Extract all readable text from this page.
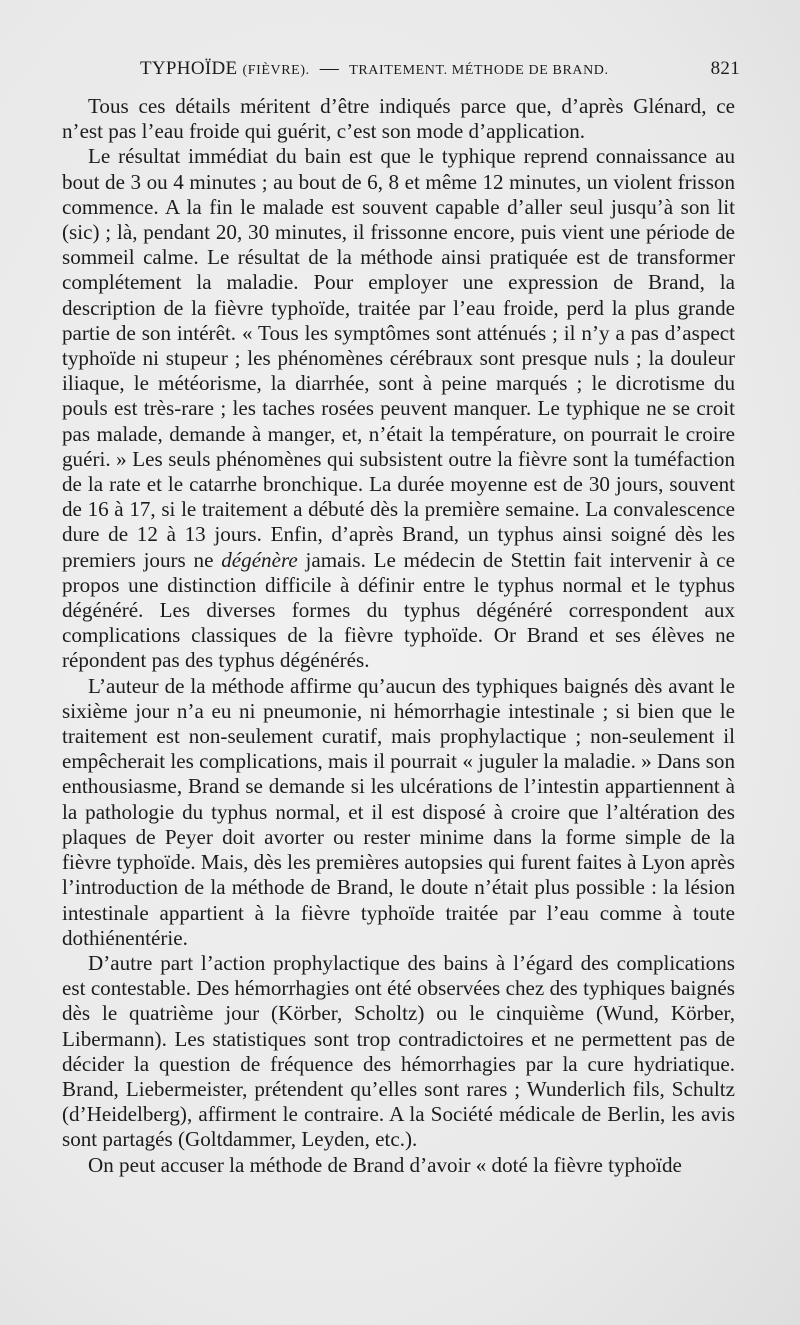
TYPHOÏDE (FIÈVRE). — TRAITEMENT. MÉTHODE DE BRAND.	821

Tous ces détails méritent d’être indiqués parce que, d’après Glénard, ce n’est pas l’eau froide qui guérit, c’est son mode d’application.

Le résultat immédiat du bain est que le typhique reprend connaissance au bout de 3 ou 4 minutes ; au bout de 6, 8 et même 12 minutes, un violent frisson commence. A la fin le malade est souvent capable d’aller seul jusqu’à son lit (sic) ; là, pendant 20, 30 minutes, il frissonne encore, puis vient une période de sommeil calme. Le résultat de la méthode ainsi pratiquée est de transformer complétement la maladie. Pour employer une expression de Brand, la description de la fièvre typhoïde, traitée par l’eau froide, perd la plus grande partie de son intérêt. « Tous les symptômes sont atténués ; il n’y a pas d’aspect typhoïde ni stupeur ; les phénomènes cérébraux sont presque nuls ; la douleur iliaque, le météorisme, la diarrhée, sont à peine marqués ; le dicrotisme du pouls est très-rare ; les taches rosées peuvent manquer. Le typhique ne se croit pas malade, demande à manger, et, n’était la température, on pourrait le croire guéri. » Les seuls phénomènes qui subsistent outre la fièvre sont la tuméfaction de la rate et le catarrhe bronchique. La durée moyenne est de 30 jours, souvent de 16 à 17, si le traitement a débuté dès la première semaine. La convalescence dure de 12 à 13 jours. Enfin, d’après Brand, un typhus ainsi soigné dès les premiers jours ne dégénère jamais. Le médecin de Stettin fait intervenir à ce propos une distinction difficile à définir entre le typhus normal et le typhus dégénéré. Les diverses formes du typhus dégénéré correspondent aux complications classiques de la fièvre typhoïde. Or Brand et ses élèves ne répondent pas des typhus dégénérés.

L’auteur de la méthode affirme qu’aucun des typhiques baignés dès avant le sixième jour n’a eu ni pneumonie, ni hémorrhagie intestinale ; si bien que le traitement est non-seulement curatif, mais prophylactique ; non-seulement il empêcherait les complications, mais il pourrait « juguler la maladie. » Dans son enthousiasme, Brand se demande si les ulcérations de l’intestin appartiennent à la pathologie du typhus normal, et il est disposé à croire que l’altération des plaques de Peyer doit avorter ou rester minime dans la forme simple de la fièvre typhoïde. Mais, dès les premières autopsies qui furent faites à Lyon après l’introduction de la méthode de Brand, le doute n’était plus possible : la lésion intestinale appartient à la fièvre typhoïde traitée par l’eau comme à toute dothiénentérie.

D’autre part l’action prophylactique des bains à l’égard des complications est contestable. Des hémorrhagies ont été observées chez des typhiques baignés dès le quatrième jour (Körber, Scholtz) ou le cinquième (Wund, Körber, Libermann). Les statistiques sont trop contradictoires et ne permettent pas de décider la question de fréquence des hémorrhagies par la cure hydriatique. Brand, Liebermeister, prétendent qu’elles sont rares ; Wunderlich fils, Schultz (d’Heidelberg), affirment le contraire. A la Société médicale de Berlin, les avis sont partagés (Goltdammer, Leyden, etc.).

On peut accuser la méthode de Brand d’avoir « doté la fièvre typhoïde
